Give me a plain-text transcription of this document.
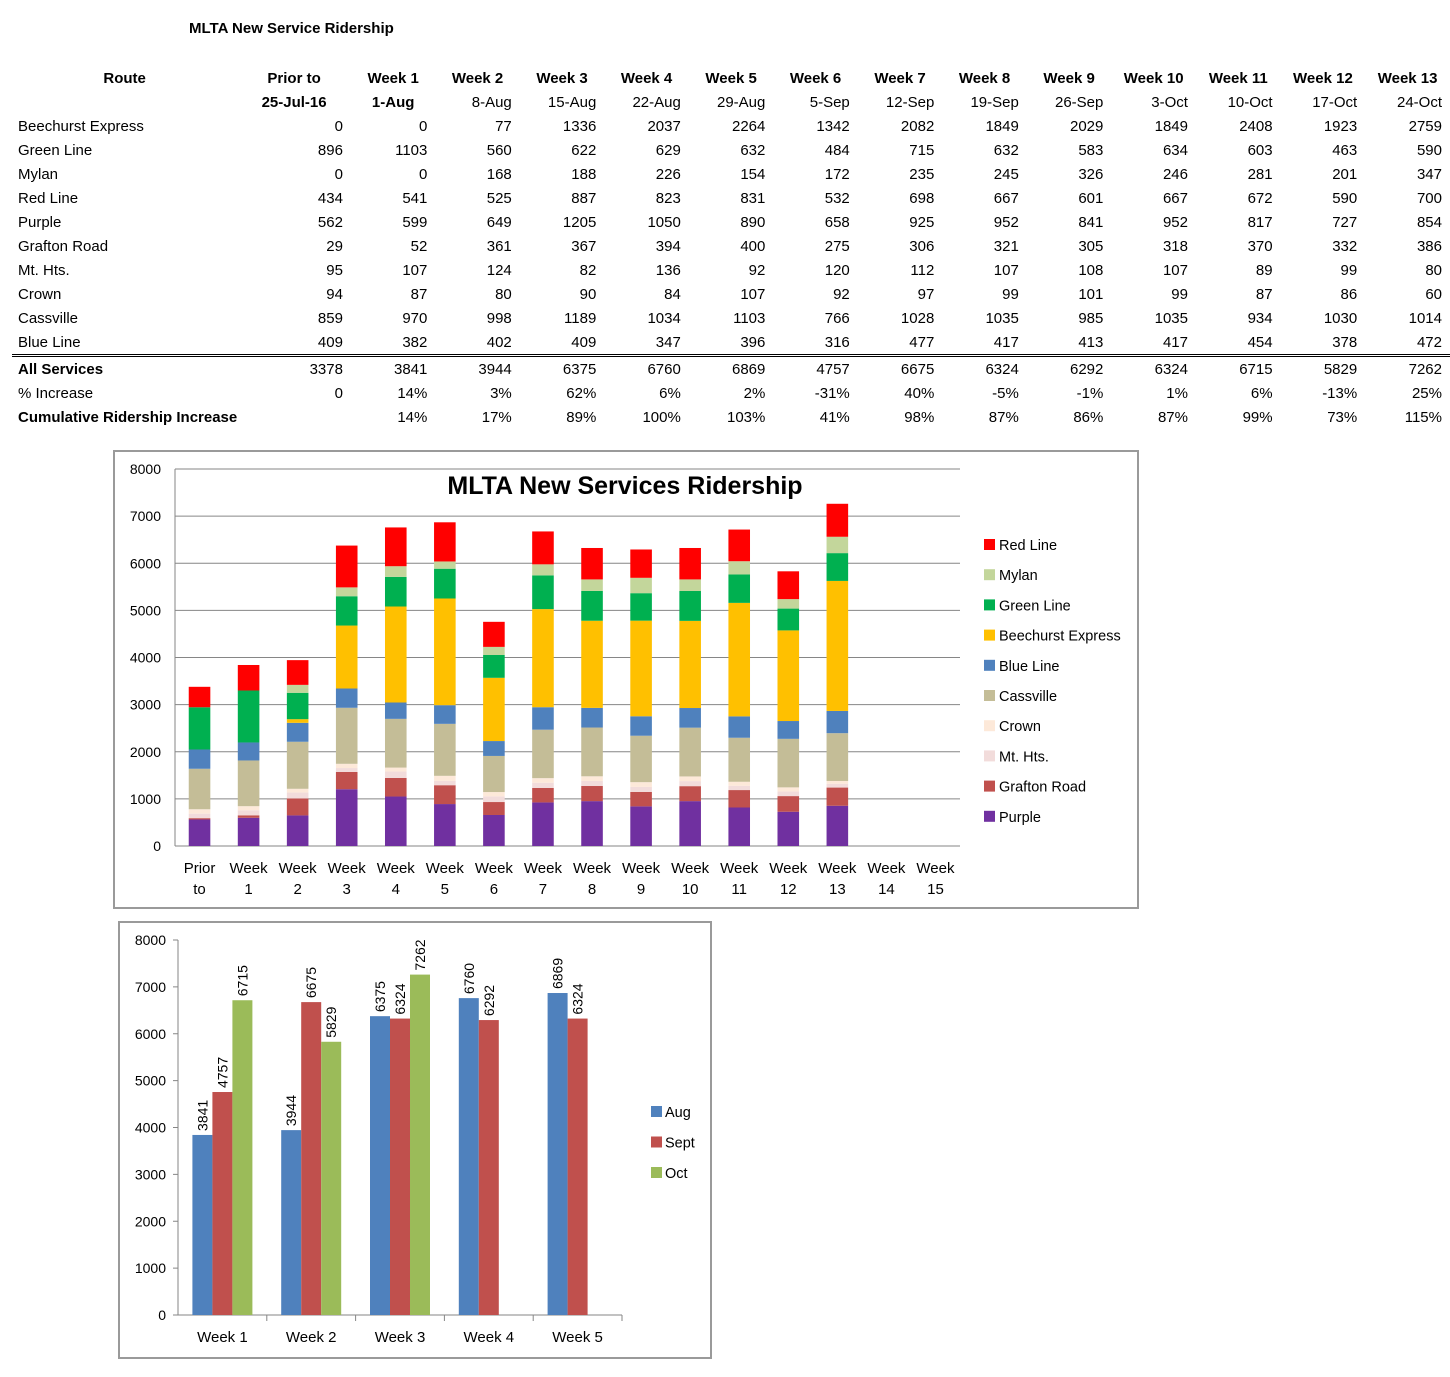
MLTA New Service Ridership
Route	Prior to	Week 1	Week 2	Week 3	Week 4	Week 5	Week 6	Week 7	Week 8	Week 9	Week 10	Week 11	Week 12	Week 13
	25-Jul-16	1-Aug	8-Aug	15-Aug	22-Aug	29-Aug	5-Sep	12-Sep	19-Sep	26-Sep	3-Oct	10-Oct	17-Oct	24-Oct
Beechurst Express	0	0	77	1336	2037	2264	1342	2082	1849	2029	1849	2408	1923	2759
Green Line	896	1103	560	622	629	632	484	715	632	583	634	603	463	590
Mylan	0	0	168	188	226	154	172	235	245	326	246	281	201	347
Red Line	434	541	525	887	823	831	532	698	667	601	667	672	590	700
Purple	562	599	649	1205	1050	890	658	925	952	841	952	817	727	854
Grafton Road	29	52	361	367	394	400	275	306	321	305	318	370	332	386
Mt. Hts.	95	107	124	82	136	92	120	112	107	108	107	89	99	80
Crown	94	87	80	90	84	107	92	97	99	101	99	87	86	60
Cassville	859	970	998	1189	1034	1103	766	1028	1035	985	1035	934	1030	1014
Blue Line	409	382	402	409	347	396	316	477	417	413	417	454	378	472
All Services	3378	3841	3944	6375	6760	6869	4757	6675	6324	6292	6324	6715	5829	7262
% Increase	0	14%	3%	62%	6%	2%	-31%	40%	-5%	-1%	1%	6%	-13%	25%
Cumulative Ridership Increase		14%	17%	89%	100%	103%	41%	98%	87%	86%	87%	99%	73%	115%
0
1000
2000
3000
4000
5000
6000
7000
8000
Prior
to
Week
1
Week
2
Week
3
Week
4
Week
5
Week
6
Week
7
Week
8
Week
9
Week
10
Week
11
Week
12
Week
13
Week
14
Week
15
MLTA New Services Ridership
Red Line
Mylan
Green Line
Beechurst Express
Blue Line
Cassville
Crown
Mt. Hts.
Grafton Road
Purple
0
1000
2000
3000
4000
5000
6000
7000
8000
Week 1	Week 2	Week 3	Week 4	Week 5
3841	3944
6375
6760	6869
4757
6675
6324	6292	6324
6715
5829
7262
Aug
Sept
Oct
